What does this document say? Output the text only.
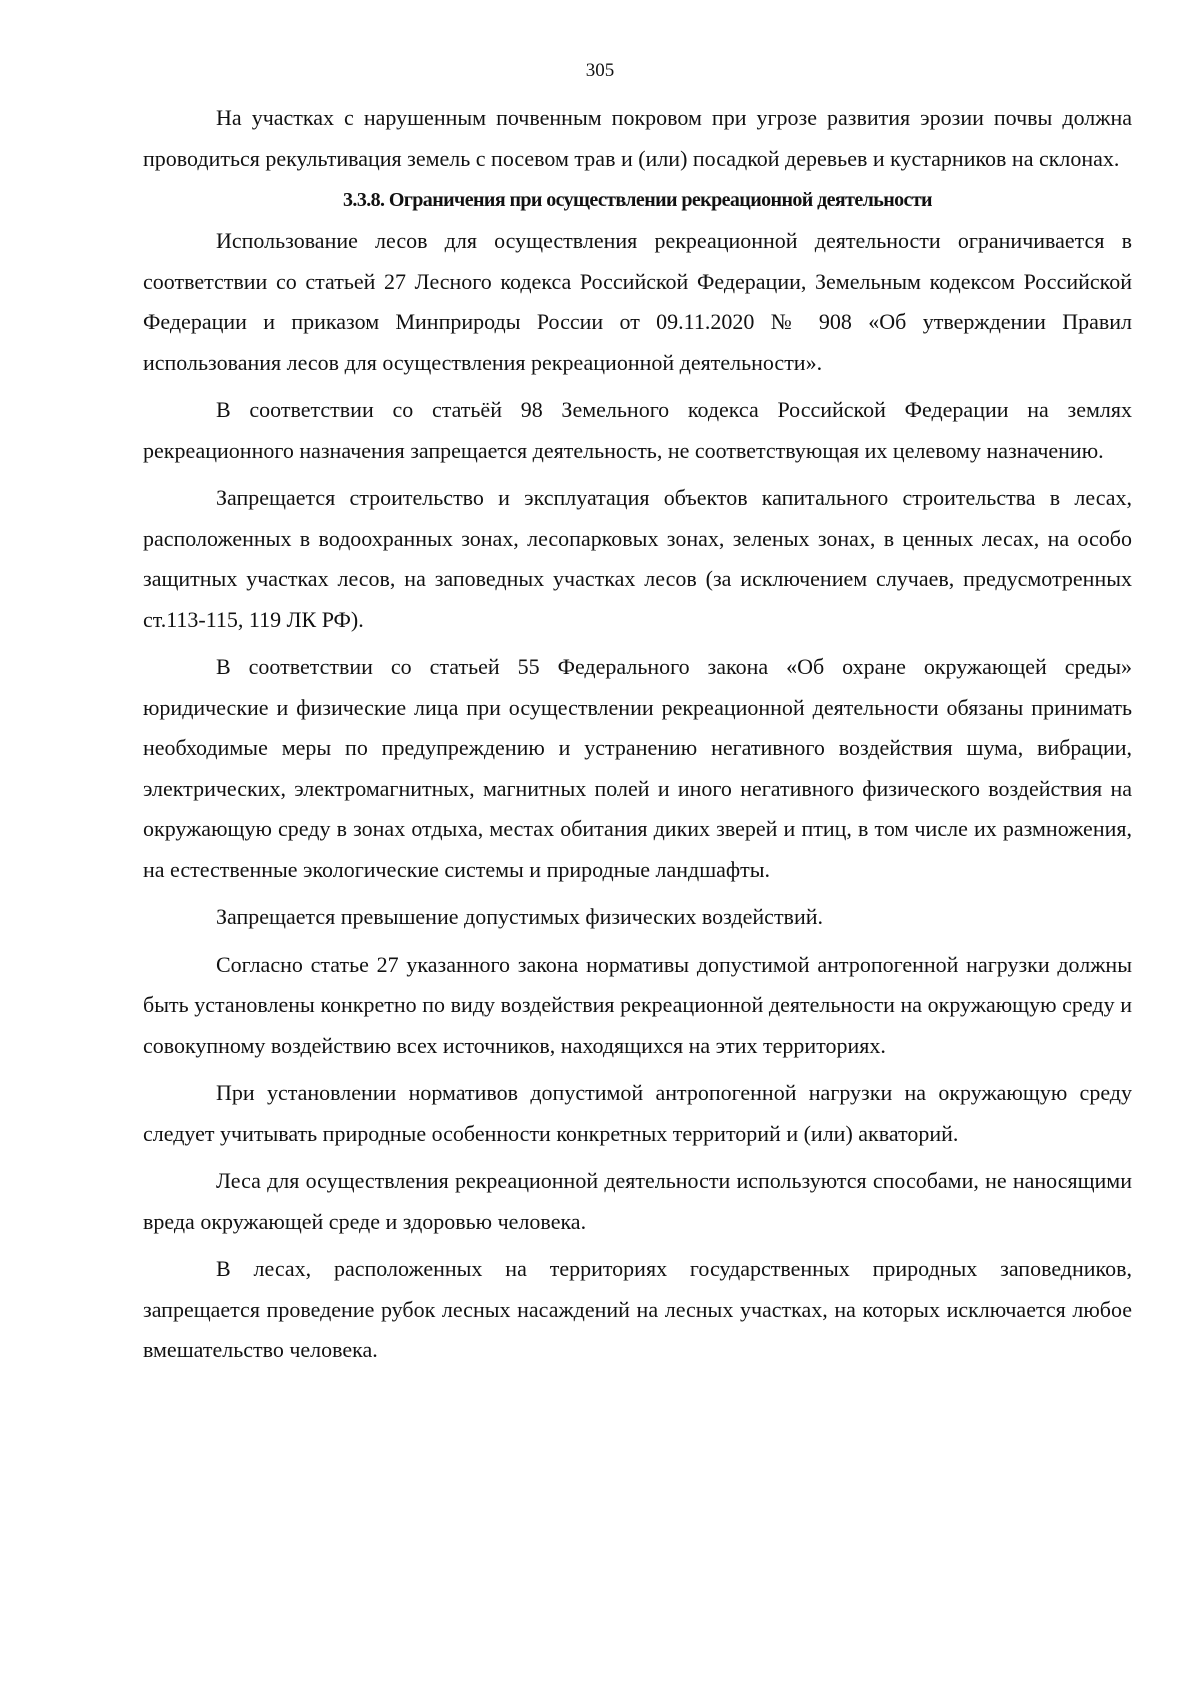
305

На участках с нарушенным почвенным покровом при угрозе развития эрозии почвы должна проводиться рекультивация земель с посевом трав и (или) посадкой деревьев и кустарников на склонах.

3.3.8. Ограничения при осуществлении рекреационной деятельности

Использование лесов для осуществления рекреационной деятельности ограничивается в соответствии со статьей 27 Лесного кодекса Российской Федерации, Земельным кодексом Российской Федерации и приказом Минприроды России от 09.11.2020 № 908 «Об утверждении Правил использования лесов для осуществления рекреационной деятельности».

В соответствии со статьёй 98 Земельного кодекса Российской Федерации на землях рекреационного назначения запрещается деятельность, не соответствующая их целевому назначению.

Запрещается строительство и эксплуатация объектов капитального строительства в лесах, расположенных в водоохранных зонах, лесопарковых зонах, зеленых зонах, в ценных лесах, на особо защитных участках лесов, на заповедных участках лесов (за исключением случаев, предусмотренных ст.113-115, 119 ЛК РФ).

В соответствии со статьей 55 Федерального закона «Об охране окружающей среды» юридические и физические лица при осуществлении рекреационной деятельности обязаны принимать необходимые меры по предупреждению и устранению негативного воздействия шума, вибрации, электрических, электромагнитных, магнитных полей и иного негативного физического воздействия на окружающую среду в зонах отдыха, местах обитания диких зверей и птиц, в том числе их размножения, на естественные экологические системы и природные ландшафты.

Запрещается превышение допустимых физических воздействий.

Согласно статье 27 указанного закона нормативы допустимой антропогенной нагрузки должны быть установлены конкретно по виду воздействия рекреационной деятельности на окружающую среду и совокупному воздействию всех источников, находящихся на этих территориях.

При установлении нормативов допустимой антропогенной нагрузки на окружающую среду следует учитывать природные особенности конкретных территорий и (или) акваторий.

Леса для осуществления рекреационной деятельности используются способами, не наносящими вреда окружающей среде и здоровью человека.

В лесах, расположенных на территориях государственных природных заповедников, запрещается проведение рубок лесных насаждений на лесных участках, на которых исключается любое вмешательство человека.
